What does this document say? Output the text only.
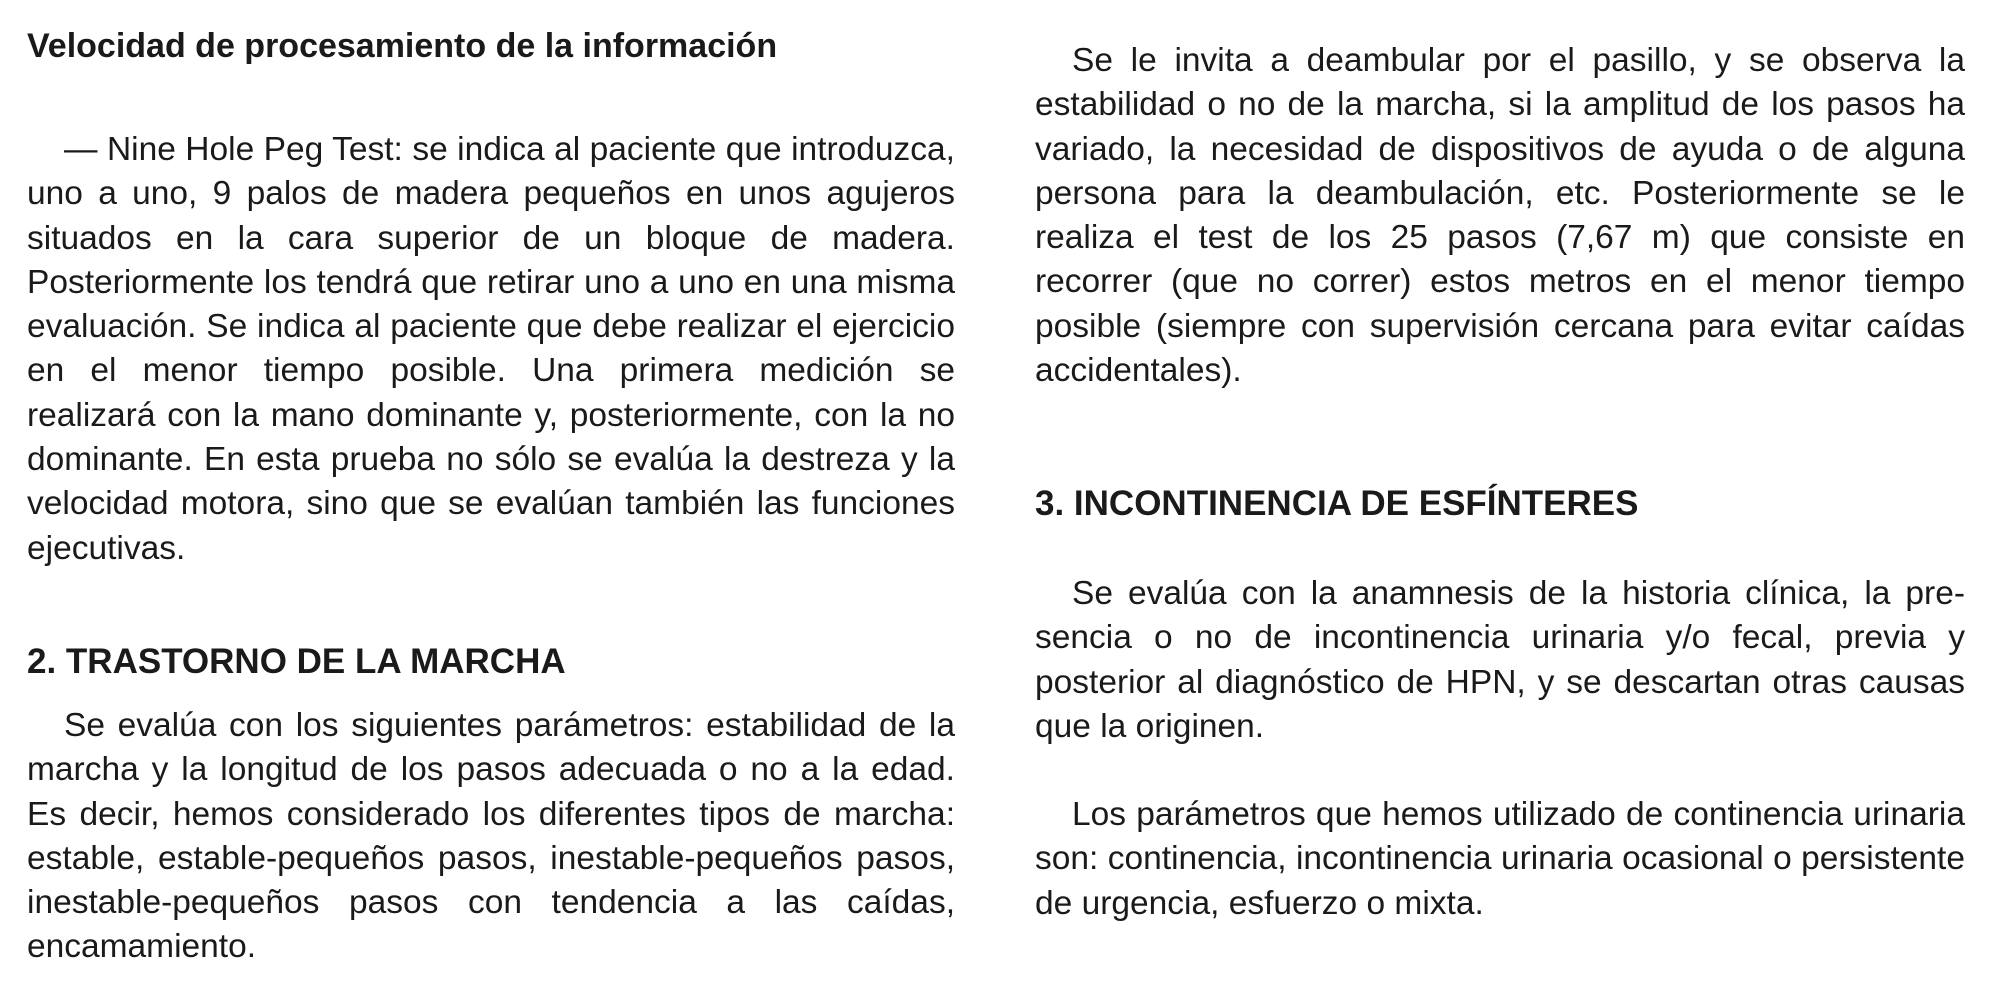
Velocidad de procesamiento de la información

— Nine Hole Peg Test: se indica al paciente que introduzca, uno a uno, 9 palos de madera pequeños en unos agujeros situados en la cara superior de un bloque de madera. Posteriormente los tendrá que retirar uno a uno en una misma evaluación. Se indica al paciente que debe realizar el ejercicio en el menor tiempo posible. Una primera medición se realizará con la mano dominante y, posteriormente, con la no dominante. En esta prueba no sólo se evalúa la destreza y la velocidad motora, sino que se evalúan también las funciones ejecutivas.

2. TRASTORNO DE LA MARCHA

Se evalúa con los siguientes parámetros: estabilidad de la marcha y la longitud de los pasos adecuada o no a la edad. Es decir, hemos considerado los diferentes tipos de marcha: estable, estable-pequeños pasos, inestable-pequeños pasos, inestable-pequeños pasos con tendencia a las caídas, encamamiento.

Se le invita a deambular por el pasillo, y se observa la estabilidad o no de la marcha, si la amplitud de los pasos ha variado, la necesidad de dispositivos de ayuda o de alguna persona para la deambulación, etc. Posteriormente se le realiza el test de los 25 pasos (7,67 m) que consiste en recorrer (que no correr) estos metros en el menor tiempo posible (siempre con supervisión cercana para evitar caídas accidentales).

3. INCONTINENCIA DE ESFÍNTERES

Se evalúa con la anamnesis de la historia clínica, la presencia o no de incontinencia urinaria y/o fecal, previa y posterior al diagnóstico de HPN, y se descartan otras causas que la originen.

Los parámetros que hemos utilizado de continencia urinaria son: continencia, incontinencia urinaria ocasional o persistente de urgencia, esfuerzo o mixta.
